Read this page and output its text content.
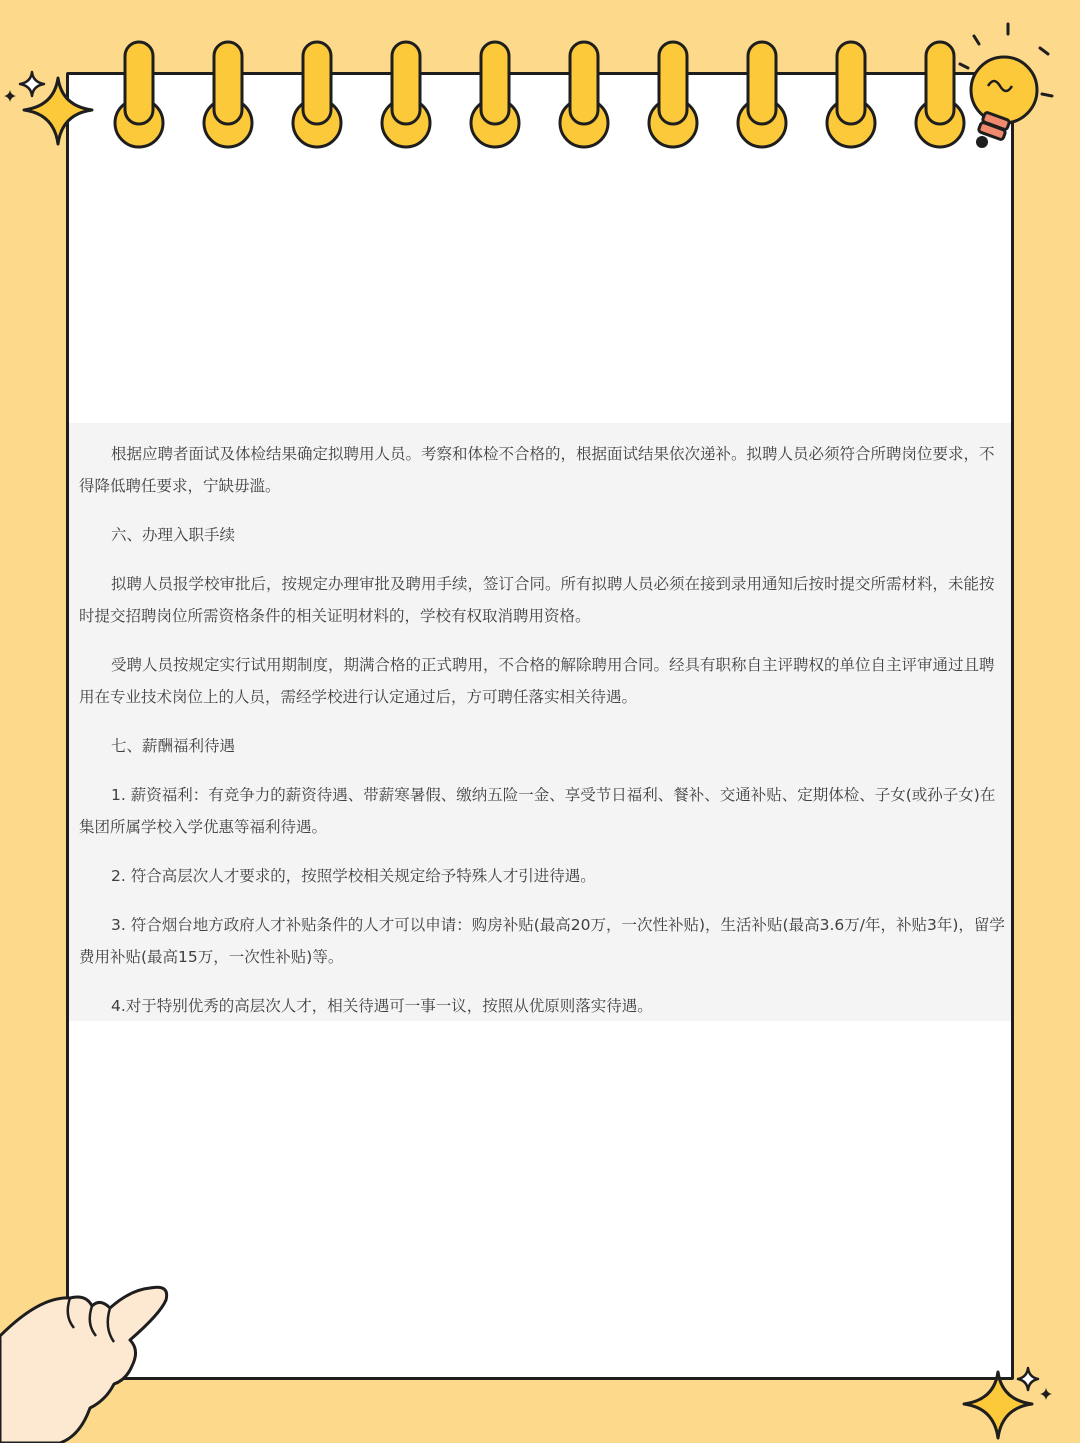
根据应聘者面试及体检结果确定拟聘用人员。考察和体检不合格的，根据面试结果依次递补。拟聘人员必须符合所聘岗位要求，不得降低聘任要求，宁缺毋滥。

六、办理入职手续

拟聘人员报学校审批后，按规定办理审批及聘用手续，签订合同。所有拟聘人员必须在接到录用通知后按时提交所需材料，未能按时提交招聘岗位所需资格条件的相关证明材料的，学校有权取消聘用资格。

受聘人员按规定实行试用期制度，期满合格的正式聘用，不合格的解除聘用合同。经具有职称自主评聘权的单位自主评审通过且聘用在专业技术岗位上的人员，需经学校进行认定通过后，方可聘任落实相关待遇。

七、薪酬福利待遇

1. 薪资福利：有竞争力的薪资待遇、带薪寒暑假、缴纳五险一金、享受节日福利、餐补、交通补贴、定期体检、子女(或孙子女)在集团所属学校入学优惠等福利待遇。

2. 符合高层次人才要求的，按照学校相关规定给予特殊人才引进待遇。

3. 符合烟台地方政府人才补贴条件的人才可以申请：购房补贴(最高20万，一次性补贴)，生活补贴(最高3.6万/年，补贴3年)，留学费用补贴(最高15万，一次性补贴)等。

4.对于特别优秀的高层次人才，相关待遇可一事一议，按照从优原则落实待遇。
